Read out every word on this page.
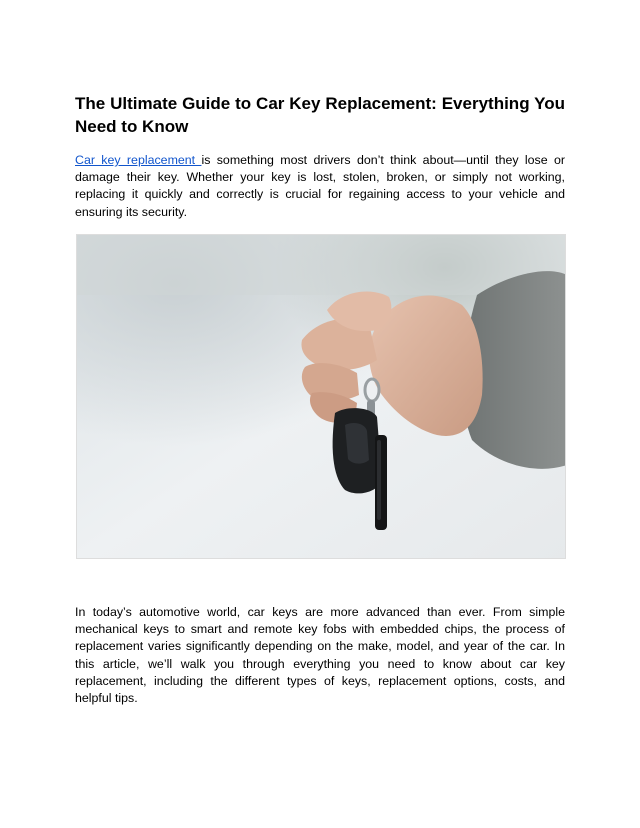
The Ultimate Guide to Car Key Replacement: Everything You Need to Know

Car key replacement is something most drivers don’t think about—until they lose or damage their key. Whether your key is lost, stolen, broken, or simply not working, replacing it quickly and correctly is crucial for regaining access to your vehicle and ensuring its security.

In today’s automotive world, car keys are more advanced than ever. From simple mechanical keys to smart and remote key fobs with embedded chips, the process of replacement varies significantly depending on the make, model, and year of the car. In this article, we’ll walk you through everything you need to know about car key replacement, including the different types of keys, replacement options, costs, and helpful tips.
